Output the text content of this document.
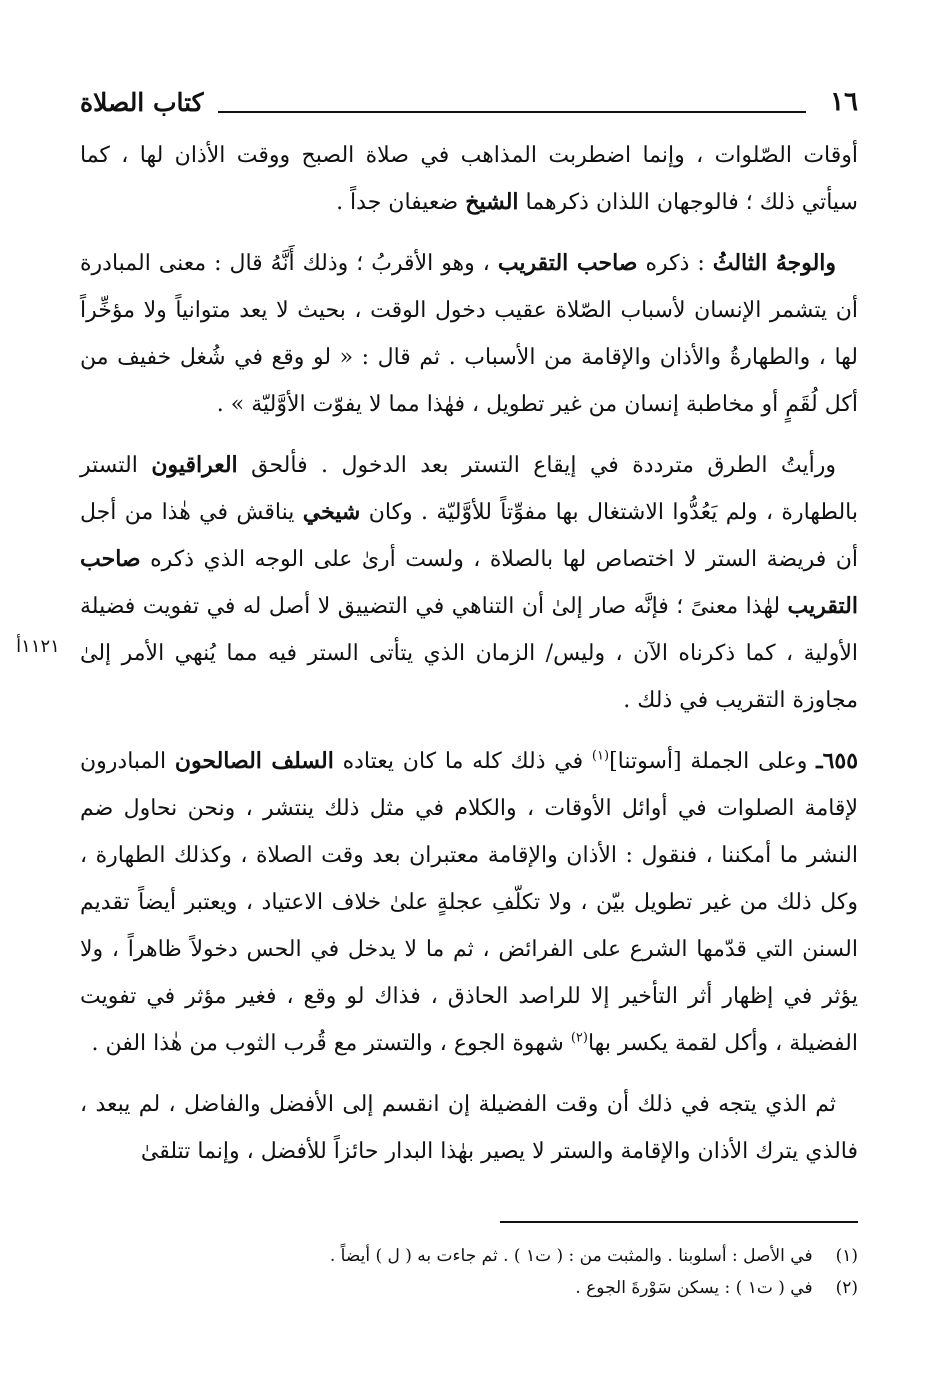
١٦
كتاب الصلاة
١١٢١أ

أوقات الصّلوات ، وإنما اضطربت المذاهب في صلاة الصبح ووقت الأذان لها ، كما سيأتي ذلك ؛ فالوجهان اللذان ذكرهما الشيخ ضعيفان جداً .

والوجهُ الثالثُ : ذكره صاحب التقريب ، وهو الأقربُ ؛ وذلك أَنَّهُ قال : معنى المبادرة أن يتشمر الإنسان لأسباب الصّلاة عقيب دخول الوقت ، بحيث لا يعد متوانياً ولا مؤخِّراً لها ، والطهارةُ والأذان والإقامة من الأسباب . ثم قال : « لو وقع في شُغل خفيف من أكل لُقَمٍ أو مخاطبة إنسان من غير تطويل ، فهٰذا مما لا يفوّت الأوَّليّة » .

ورأيتُ الطرق مترددة في إيقاع التستر بعد الدخول . فألحق العراقيون التستر بالطهارة ، ولم يَعُدُّوا الاشتغال بها مفوِّتاً للأوَّليّة . وكان شيخي يناقش في هٰذا من أجل أن فريضة الستر لا اختصاص لها بالصلاة ، ولست أرىٰ على الوجه الذي ذكره صاحب التقريب لهٰذا معنىً ؛ فإنَّه صار إلىٰ أن التناهي في التضييق لا أصل له في تفويت فضيلة الأولية ، كما ذكرناه الآن ، وليس/ الزمان الذي يتأتى الستر فيه مما يُنهي الأمر إلىٰ مجاوزة التقريب في ذلك .

٦٥٥ـ وعلى الجملة [أسوتنا]$^{(١)}$ في ذلك كله ما كان يعتاده السلف الصالحون المبادرون لإقامة الصلوات في أوائل الأوقات ، والكلام في مثل ذلك ينتشر ، ونحن نحاول ضم النشر ما أمكننا ، فنقول : الأذان والإقامة معتبران بعد وقت الصلاة ، وكذلك الطهارة ، وكل ذلك من غير تطويل بيّن ، ولا تكلّفِ عجلةٍ علىٰ خلاف الاعتياد ، ويعتبر أيضاً تقديم السنن التي قدّمها الشرع على الفرائض ، ثم ما لا يدخل في الحس دخولاً ظاهراً ، ولا يؤثر في إظهار أثر التأخير إلا للراصد الحاذق ، فذاك لو وقع ، فغير مؤثر في تفويت الفضيلة ، وأكل لقمة يكسر بها$^{(٢)}$ شهوة الجوع ، والتستر مع قُرب الثوب من هٰذا الفن .

ثم الذي يتجه في ذلك أن وقت الفضيلة إن انقسم إلى الأفضل والفاضل ، لم يبعد ، فالذي يترك الأذان والإقامة والستر لا يصير بهٰذا البدار حائزاً للأفضل ، وإنما تتلقىٰ

(١) في الأصل : أسلوبنا . والمثبت من : ( ت١ ) . ثم جاءت به ( ل ) أيضاً .
(٢) في ( ت١ ) : يسكن سَوْرةَ الجوع .
